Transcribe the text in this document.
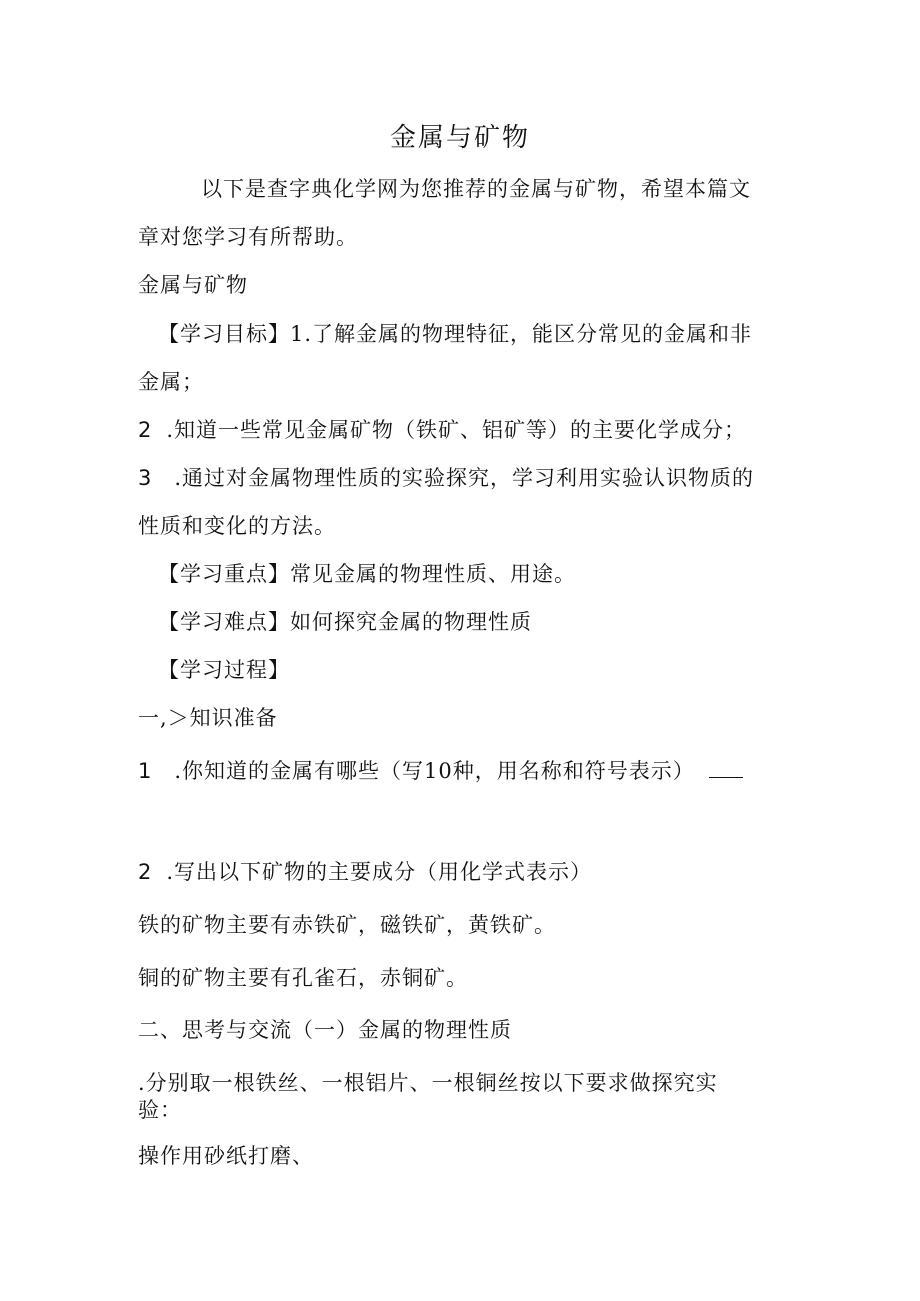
金属与矿物
以下是查字典化学网为您推荐的金属与矿物，希望本篇文
章对您学习有所帮助。
金属与矿物
【学习目标】1.了解金属的物理特征，能区分常见的金属和非
金属；
2 .知道一些常见金属矿物（铁矿、铝矿等）的主要化学成分；
3 .通过对金属物理性质的实验探究，学习利用实验认识物质的
性质和变化的方法。
【学习重点】常见金属的物理性质、用途。
【学习难点】如何探究金属的物理性质
【学习过程】
一,＞知识准备
1 .你知道的金属有哪些（写10种，用名称和符号表示）
2 .写出以下矿物的主要成分（用化学式表示）
铁的矿物主要有赤铁矿，磁铁矿，黄铁矿。
铜的矿物主要有孔雀石，赤铜矿。
二、思考与交流（一）金属的物理性质
.分别取一根铁丝、一根铝片、一根铜丝按以下要求做探究实
验：
操作用砂纸打磨、
